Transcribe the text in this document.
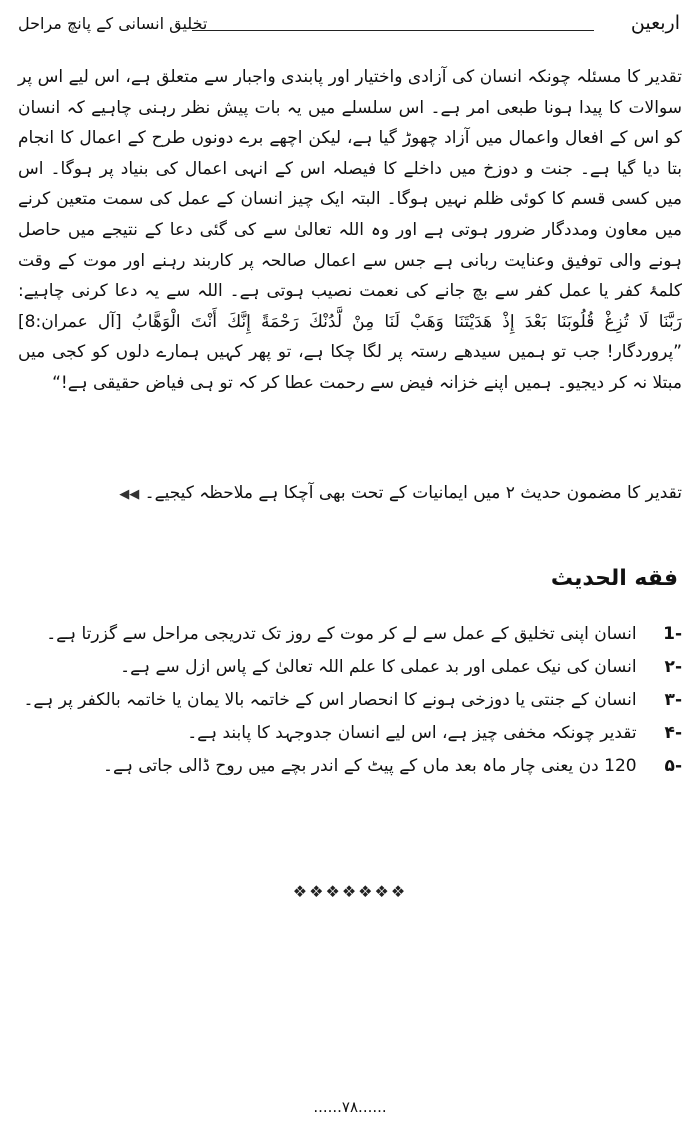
اربعین
تخلیق انسانی کے پانچ مراحل

تقدیر کا مسئلہ چونکہ انسان کی آزادی واختیار اور پابندی واجبار سے متعلق ہے، اس لیے اس پر سوالات کا پیدا ہونا طبعی امر ہے۔ اس سلسلے میں یہ بات پیش نظر رہنی چاہیے کہ انسان کو اس کے افعال واعمال میں آزاد چھوڑ گیا ہے، لیکن اچھے برے دونوں طرح کے اعمال کا انجام بتا دیا گیا ہے۔ جنت و دوزخ میں داخلے کا فیصلہ اس کے انہی اعمال کی بنیاد پر ہوگا۔ اس میں کسی قسم کا کوئی ظلم نہیں ہوگا۔ البتہ ایک چیز انسان کے عمل کی سمت متعین کرنے میں معاون ومددگار ضرور ہوتی ہے اور وہ اللہ تعالیٰ سے کی گئی دعا کے نتیجے میں حاصل ہونے والی توفیق وعنایت ربانی ہے جس سے اعمال صالحہ پر کاربند رہنے اور موت کے وقت کلمۂ کفر یا عمل کفر سے بچ جانے کی نعمت نصیب ہوتی ہے۔ اللہ سے یہ دعا کرنی چاہیے: رَبَّنَا لَا تُزِغْ قُلُوبَنَا بَعْدَ إِذْ هَدَيْتَنَا وَهَبْ لَنَا مِنْ لَّدُنْكَ رَحْمَةً إِنَّكَ أَنْتَ الْوَهَّابُ [آل عمران:8] ”پروردگار! جب تو ہمیں سیدھے رستہ پر لگا چکا ہے، تو پھر کہیں ہمارے دلوں کو کجی میں مبتلا نہ کر دیجیو۔ ہمیں اپنے خزانہ فیض سے رحمت عطا کر کہ تو ہی فیاض حقیقی ہے!“

تقدیر کا مضمون حدیث ۲ میں ایمانیات کے تحت بھی آچکا ہے ملاحظہ کیجیے۔ ◀◀
فقه الحديث
-1 انسان اپنی تخلیق کے عمل سے لے کر موت کے روز تک تدریجی مراحل سے گزرتا ہے۔
-۲ انسان کی نیک عملی اور بد عملی کا علم اللہ تعالیٰ کے پاس ازل سے ہے۔
-۳ انسان کے جنتی یا دوزخی ہونے کا انحصار اس کے خاتمہ بالا یمان یا خاتمہ بالکفر پر ہے۔
-۴ تقدیر چونکہ مخفی چیز ہے، اس لیے انسان جدوجہد کا پابند ہے۔
-۵ 120 دن یعنی چار ماہ بعد ماں کے پیٹ کے اندر بچے میں روح ڈالی جاتی ہے۔
❖❖❖❖❖❖❖
......۷۸......
